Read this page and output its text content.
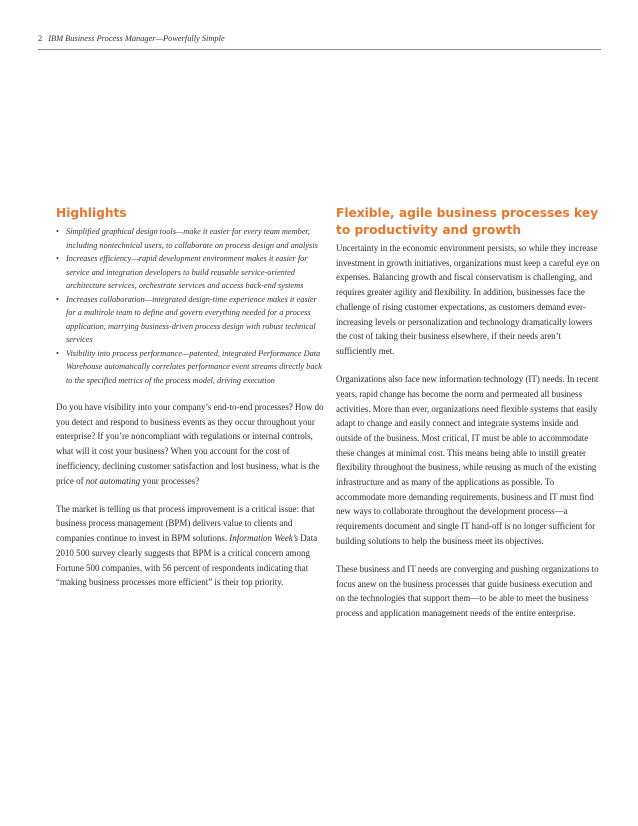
2 IBM Business Process Manager—Powerfully Simple
Highlights
• Simplified graphical design tools—make it easier for every team member, including nontechnical users, to collaborate on process design and analysis
• Increases efficiency—rapid development environment makes it easier for service and integration developers to build reusable service-oriented architecture services, orchestrate services and access back-end systems
• Increases collaboration—integrated design-time experience makes it easier for a multirole team to define and govern everything needed for a process application, marrying business-driven process design with robust technical services
• Visibility into process performance—patented, integrated Performance Data Warehouse automatically correlates performance event streams directly back to the specified metrics of the process model, driving execution

Do you have visibility into your company’s end-to-end processes? How do you detect and respond to business events as they occur throughout your enterprise? If you’re noncompliant with regulations or internal controls, what will it cost your business? When you account for the cost of inefficiency, declining customer satisfaction and lost business, what is the price of not automating your processes?

The market is telling us that process improvement is a critical issue: that business process management (BPM) delivers value to clients and companies continue to invest in BPM solutions. Information Week’s Data 2010 500 survey clearly suggests that BPM is a critical concern among Fortune 500 companies, with 56 percent of respondents indicating that “making business processes more efficient” is their top priority.

Flexible, agile business processes key to productivity and growth

Uncertainty in the economic environment persists, so while they increase investment in growth initiatives, organizations must keep a careful eye on expenses. Balancing growth and fiscal conservatism is challenging, and requires greater agility and flexibility. In addition, businesses face the challenge of rising customer expectations, as customers demand ever-increasing levels or personalization and technology dramatically lowers the cost of taking their business elsewhere, if their needs aren’t sufficiently met.

Organizations also face new information technology (IT) needs. In recent years, rapid change has become the norm and permeated all business activities. More than ever, organizations need flexible systems that easily adapt to change and easily connect and integrate systems inside and outside of the business. Most critical, IT must be able to accommodate these changes at minimal cost. This means being able to instill greater flexibility throughout the business, while reusing as much of the existing infrastructure and as many of the applications as possible. To accommodate more demanding requirements, business and IT must find new ways to collaborate throughout the development process—a requirements document and single IT hand-off is no longer sufficient for building solutions to help the business meet its objectives.

These business and IT needs are converging and pushing organizations to focus anew on the business processes that guide business execution and on the technologies that support them—to be able to meet the business process and application management needs of the entire enterprise.
